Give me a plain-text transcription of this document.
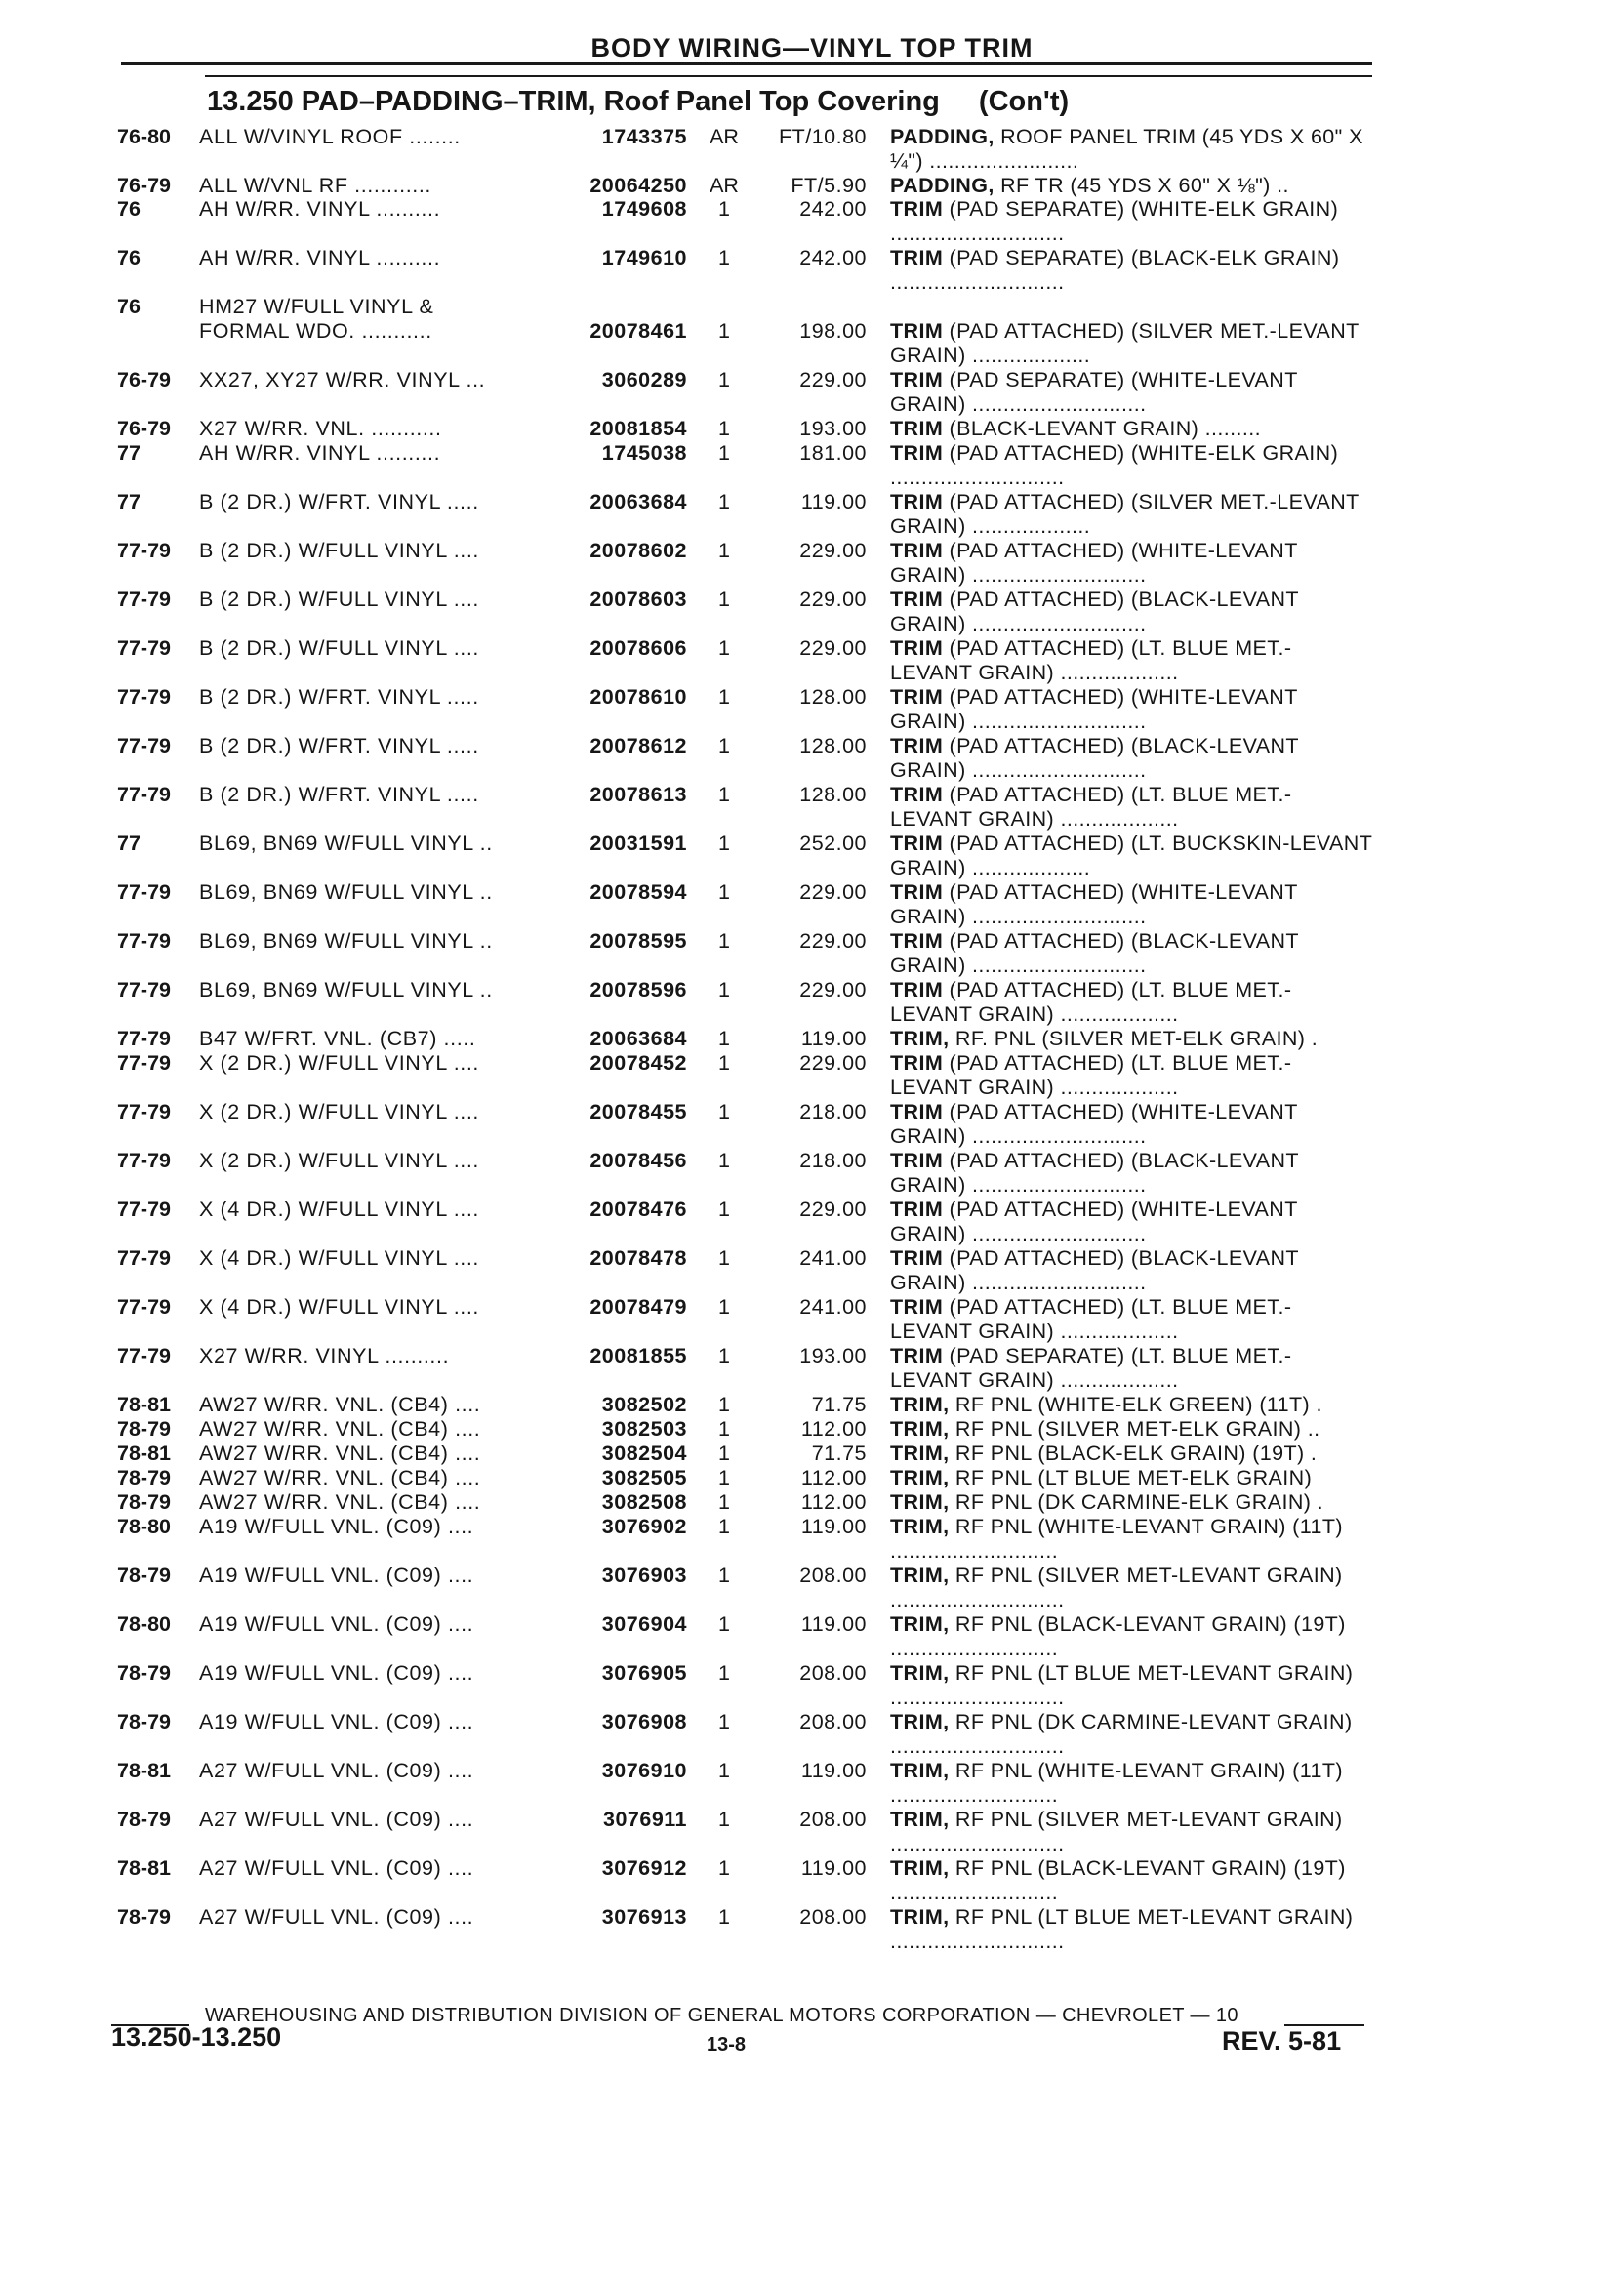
BODY WIRING—VINYL TOP TRIM
13.250 PAD–PADDING–TRIM, Roof Panel Top Covering (Con't)
76-80	ALL W/VINYL ROOF ........	1743375	AR	FT/10.80 PADDING, ROOF PANEL TRIM (45 YDS X 60" X ¼") ........................
76-79	ALL W/VNL RF ............	20064250	AR	FT/5.90 PADDING, RF TR (45 YDS X 60" X ⅛") ..
76	AH W/RR. VINYL ..........	1749608	1	242.00 TRIM (PAD SEPARATE) (WHITE-ELK GRAIN) ............................
76	AH W/RR. VINYL ..........	1749610	1	242.00 TRIM (PAD SEPARATE) (BLACK-ELK GRAIN) ............................
76	HM27 W/FULL VINYL &
FORMAL WDO. ...........	20078461	1	198.00 TRIM (PAD ATTACHED) (SILVER MET.-LEVANT GRAIN) ...................
76-79	XX27, XY27 W/RR. VINYL ...	3060289	1	229.00 TRIM (PAD SEPARATE) (WHITE-LEVANT GRAIN) ............................
76-79	X27 W/RR. VNL. ...........	20081854	1	193.00 TRIM (BLACK-LEVANT GRAIN) .........
77	AH W/RR. VINYL ..........	1745038	1	181.00 TRIM (PAD ATTACHED) (WHITE-ELK GRAIN) ............................
77	B (2 DR.) W/FRT. VINYL .....	20063684	1	119.00 TRIM (PAD ATTACHED) (SILVER MET.-LEVANT GRAIN) ...................
77-79	B (2 DR.) W/FULL VINYL ....	20078602	1	229.00 TRIM (PAD ATTACHED) (WHITE-LEVANT GRAIN) ............................
77-79	B (2 DR.) W/FULL VINYL ....	20078603	1	229.00 TRIM (PAD ATTACHED) (BLACK-LEVANT GRAIN) ............................
77-79	B (2 DR.) W/FULL VINYL ....	20078606	1	229.00 TRIM (PAD ATTACHED) (LT. BLUE MET.-LEVANT GRAIN) ...................
77-79	B (2 DR.) W/FRT. VINYL .....	20078610	1	128.00 TRIM (PAD ATTACHED) (WHITE-LEVANT GRAIN) ............................
77-79	B (2 DR.) W/FRT. VINYL .....	20078612	1	128.00 TRIM (PAD ATTACHED) (BLACK-LEVANT GRAIN) ............................
77-79	B (2 DR.) W/FRT. VINYL .....	20078613	1	128.00 TRIM (PAD ATTACHED) (LT. BLUE MET.-LEVANT GRAIN) ...................
77	BL69, BN69 W/FULL VINYL ..	20031591	1	252.00 TRIM (PAD ATTACHED) (LT. BUCKSKIN-LEVANT GRAIN) ...................
77-79	BL69, BN69 W/FULL VINYL ..	20078594	1	229.00 TRIM (PAD ATTACHED) (WHITE-LEVANT GRAIN) ............................
77-79	BL69, BN69 W/FULL VINYL ..	20078595	1	229.00 TRIM (PAD ATTACHED) (BLACK-LEVANT GRAIN) ............................
77-79	BL69, BN69 W/FULL VINYL ..	20078596	1	229.00 TRIM (PAD ATTACHED) (LT. BLUE MET.-LEVANT GRAIN) ...................
77-79	B47 W/FRT. VNL. (CB7) .....	20063684	1	119.00 TRIM, RF. PNL (SILVER MET-ELK GRAIN) .
77-79	X (2 DR.) W/FULL VINYL ....	20078452	1	229.00 TRIM (PAD ATTACHED) (LT. BLUE MET.-LEVANT GRAIN) ...................
77-79	X (2 DR.) W/FULL VINYL ....	20078455	1	218.00 TRIM (PAD ATTACHED) (WHITE-LEVANT GRAIN) ............................
77-79	X (2 DR.) W/FULL VINYL ....	20078456	1	218.00 TRIM (PAD ATTACHED) (BLACK-LEVANT GRAIN) ............................
77-79	X (4 DR.) W/FULL VINYL ....	20078476	1	229.00 TRIM (PAD ATTACHED) (WHITE-LEVANT GRAIN) ............................
77-79	X (4 DR.) W/FULL VINYL ....	20078478	1	241.00 TRIM (PAD ATTACHED) (BLACK-LEVANT GRAIN) ............................
77-79	X (4 DR.) W/FULL VINYL ....	20078479	1	241.00 TRIM (PAD ATTACHED) (LT. BLUE MET.-LEVANT GRAIN) ...................
77-79	X27 W/RR. VINYL ..........	20081855	1	193.00 TRIM (PAD SEPARATE) (LT. BLUE MET.-LEVANT GRAIN) ...................
78-81	AW27 W/RR. VNL. (CB4) ....	3082502	1	71.75 TRIM, RF PNL (WHITE-ELK GREEN) (11T) .
78-79	AW27 W/RR. VNL. (CB4) ....	3082503	1	112.00 TRIM, RF PNL (SILVER MET-ELK GRAIN) ..
78-81	AW27 W/RR. VNL. (CB4) ....	3082504	1	71.75 TRIM, RF PNL (BLACK-ELK GRAIN) (19T) .
78-79	AW27 W/RR. VNL. (CB4) ....	3082505	1	112.00 TRIM, RF PNL (LT BLUE MET-ELK GRAIN)
78-79	AW27 W/RR. VNL. (CB4) ....	3082508	1	112.00 TRIM, RF PNL (DK CARMINE-ELK GRAIN) .
78-80	A19 W/FULL VNL. (C09) ....	3076902	1	119.00 TRIM, RF PNL (WHITE-LEVANT GRAIN) (11T) ...........................
78-79	A19 W/FULL VNL. (C09) ....	3076903	1	208.00 TRIM, RF PNL (SILVER MET-LEVANT GRAIN) ............................
78-80	A19 W/FULL VNL. (C09) ....	3076904	1	119.00 TRIM, RF PNL (BLACK-LEVANT GRAIN) (19T) ...........................
78-79	A19 W/FULL VNL. (C09) ....	3076905	1	208.00 TRIM, RF PNL (LT BLUE MET-LEVANT GRAIN) ............................
78-79	A19 W/FULL VNL. (C09) ....	3076908	1	208.00 TRIM, RF PNL (DK CARMINE-LEVANT GRAIN) ............................
78-81	A27 W/FULL VNL. (C09) ....	3076910	1	119.00 TRIM, RF PNL (WHITE-LEVANT GRAIN) (11T) ...........................
78-79	A27 W/FULL VNL. (C09) ....	3076911	1	208.00 TRIM, RF PNL (SILVER MET-LEVANT GRAIN) ............................
78-81	A27 W/FULL VNL. (C09) ....	3076912	1	119.00 TRIM, RF PNL (BLACK-LEVANT GRAIN) (19T) ...........................
78-79	A27 W/FULL VNL. (C09) ....	3076913	1	208.00 TRIM, RF PNL (LT BLUE MET-LEVANT GRAIN) ............................
WAREHOUSING AND DISTRIBUTION DIVISION OF GENERAL MOTORS CORPORATION — CHEVROLET — 10
13.250-13.250	13-8	REV. 5-81
